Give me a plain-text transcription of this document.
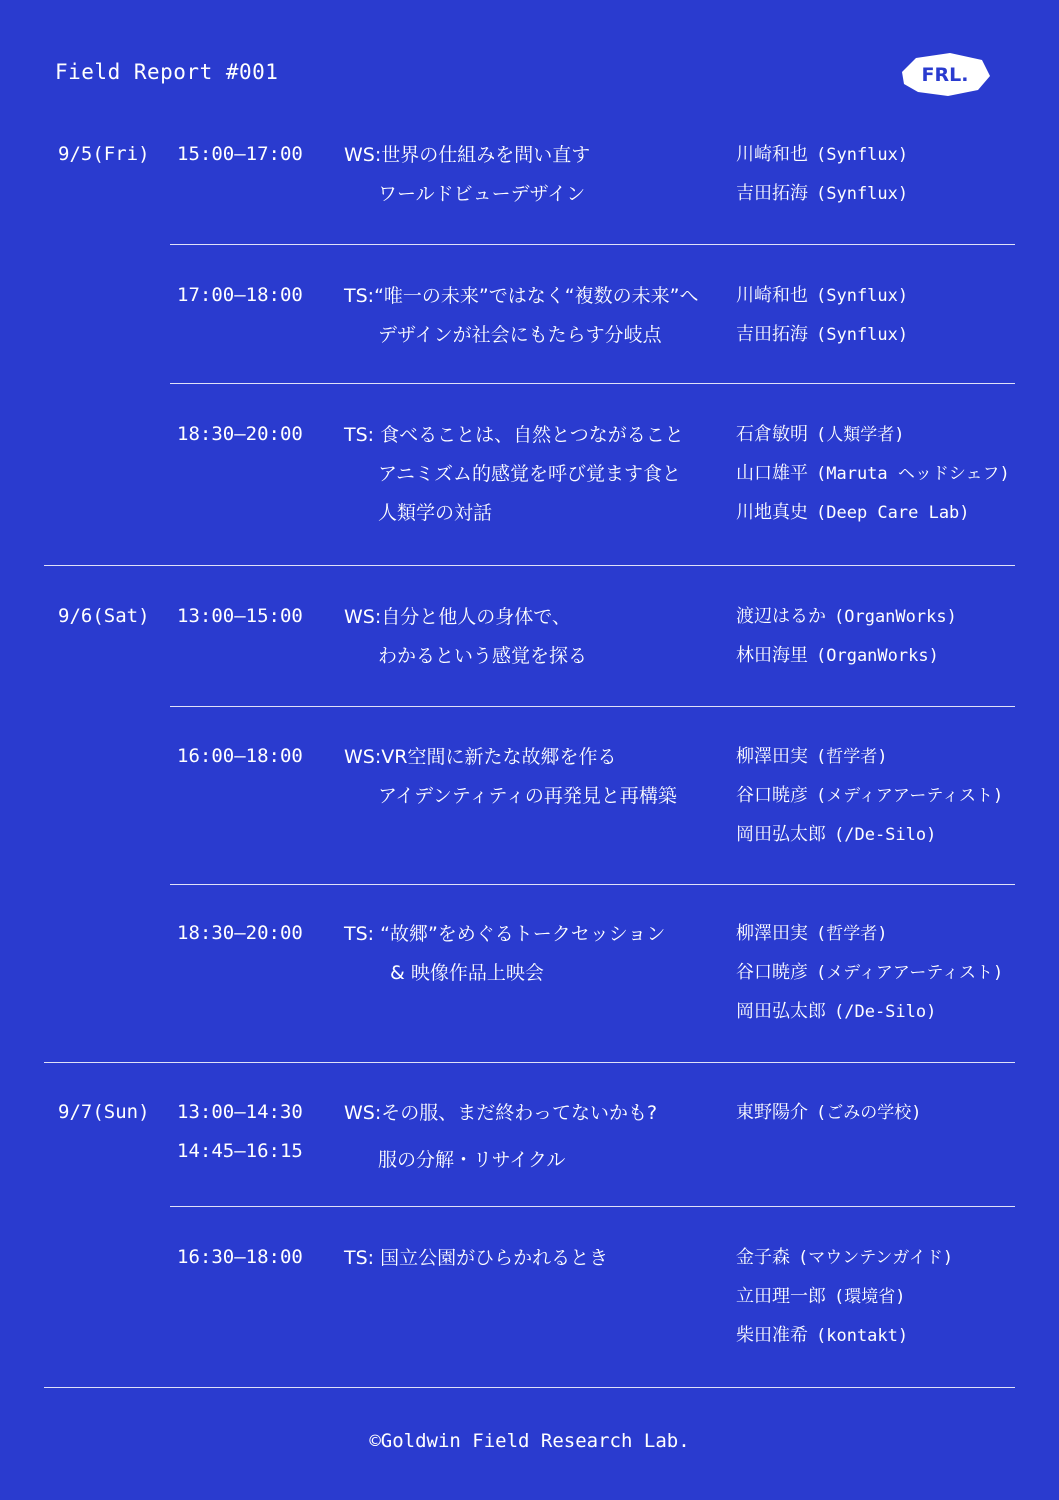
Field Report #001	FRL.
9/5(Fri) 15:00–17:00 WS:世界の仕組みを問い直す
ワールドビューデザイン
川崎和也 (Synflux)
吉田拓海 (Synflux)
17:00–18:00 TS:“唯一の未来”ではなく“複数の未来”へ
デザインが社会にもたらす分岐点
川崎和也 (Synflux)
吉田拓海 (Synflux)
18:30–20:00 TS: 食べることは、自然とつながること
アニミズム的感覚を呼び覚ます食と
人類学の対話
石倉敏明 (人類学者)
山口雄平 (Maruta ヘッドシェフ)
川地真史 (Deep Care Lab)
9/6(Sat) 13:00–15:00 WS:自分と他人の身体で、
わかるという感覚を探る
渡辺はるか (OrganWorks)
林田海里 (OrganWorks)
16:00–18:00 WS:VR空間に新たな故郷を作る
アイデンティティの再発見と再構築
柳澤田実 (哲学者)
谷口暁彦 (メディアアーティスト)
岡田弘太郎 (/De-Silo)
18:30–20:00 TS: “故郷”をめぐるトークセッション
& 映像作品上映会
柳澤田実 (哲学者)
谷口暁彦 (メディアアーティスト)
岡田弘太郎 (/De-Silo)
9/7(Sun) 13:00–14:30
14:45–16:15
WS:その服、まだ終わってないかも?
服の分解・リサイクル
東野陽介 (ごみの学校)
16:30–18:00 TS: 国立公園がひらかれるとき	金子森 (マウンテンガイド)
立田理一郎 (環境省)
柴田准希 (kontakt)
©Goldwin Field Research Lab.
